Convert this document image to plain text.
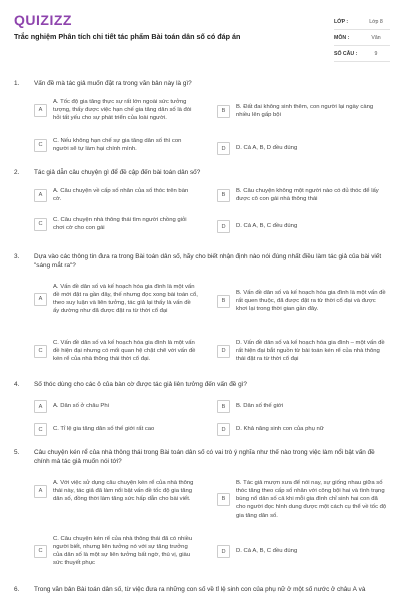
QUIZIZZ
Trắc nghiệm Phân tích chi tiết tác phẩm Bài toán dân số có đáp án
LỚP :	Lớp 8
MÔN :	Văn
SỐ CÂU :	9
1. Vấn đề mà tác giả muốn đặt ra trong văn bản này là gì?
A
A. Tốc độ gia tăng thực sự rất lớn ngoài sức tưởng tượng, thấy được việc hạn chế gia tăng dân số là đòi hỏi tất yếu cho sự phát triển của loài người.
B
B. Đất đai không sinh thêm, con người lại ngày càng nhiều lên gấp bội
C
C. Nếu không hạn chế sự gia tăng dân số thì con người sẽ tự làm hại chính mình.	D	D. Cả A, B, D đều đúng
2. Tác giả dẫn câu chuyện gì để đề cập đến bài toán dân số?
A
A. Câu chuyện về cấp số nhân của số thóc trên bàn cờ.
B
B. Câu chuyện không một người nào có đủ thóc để lấy được cô con gái nhà thông thái
C
C. Câu chuyện nhà thông thái tìm người chồng giỏi chơi cờ cho con gái	D	D. Cả A, B, C đều đúng
3. Dựa vào các thông tin đưa ra trong Bài toán dân số, hãy cho biết nhận định nào nói đúng nhất điều làm tác giả của bài viết "sáng mắt ra"?
A
A. Vấn đề dân số và kế hoạch hóa gia đình là một vấn đề mới đặt ra gần đây, thế nhưng đọc xong bài toán cổ, theo suy luận và liên tưởng, tác giả lại thấy là vấn đề ấy dường như đã được đặt ra từ thời cổ đại
B
B. Vấn đề dân số và kế hoạch hóa gia đình là một vấn đề rất quen thuộc, đã được đặt ra từ thời cổ đại và được khơi lại trong thời gian gần đây.
C
C. Vấn đề dân số và kế hoạch hóa gia đình là một vấn đề hiện đại nhưng có mối quan hệ chặt chẽ với vấn đề kén rể của nhà thông thái thời cổ đại.
D
D. Vấn đề dân số và kế hoạch hóa gia đình – một vấn đề rất hiện đại bắt nguồn từ bài toán kén rể của nhà thông thái đặt ra từ thời cổ đại
4. Số thóc dùng cho các ô của bàn cờ được tác giả liên tưởng đến vấn đề gì?
A	A. Dân số ở châu Phi	B	B. Dân số thế giới
C	C. Tỉ lệ gia tăng dân số thế giới rất cao	D	D. Khả năng sinh con của phụ nữ
5. Câu chuyện kén rể của nhà thông thái trong Bài toán dân số có vai trò ý nghĩa như thế nào trong việc làm nổi bật vấn đề chính mà tác giả muốn nói tới?
A
A. Với việc sử dụng câu chuyện kén rể của nhà thông thái này, tác giả đã làm nổi bật vấn đề tốc độ gia tăng dân số, đồng thời làm tăng sức hấp dẫn cho bài viết.	B
B. Tác giả mượn xưa để nói nay, sự giống nhau giữa số thóc tăng theo cấp số nhân với công bội hai và tình trạng bùng nổ dân số cả khi mỗi gia đình chỉ sinh hai con đã cho người đọc hình dung được một cách cụ thể về tốc độ gia tăng dân số.
C
C. Câu chuyện kén rể của nhà thông thái đã có nhiều người biết, nhưng liên tưởng nó với sự tăng trưởng của dân số là một sự liên tưởng bất ngờ, thú vị, giàu sức thuyết phục
D	D. Cả A, B, C đều đúng
6. Trong văn bản Bài toán dân số, từ việc đưa ra những con số về tỉ lệ sinh con của phụ nữ ở một số nước ở châu Á và
